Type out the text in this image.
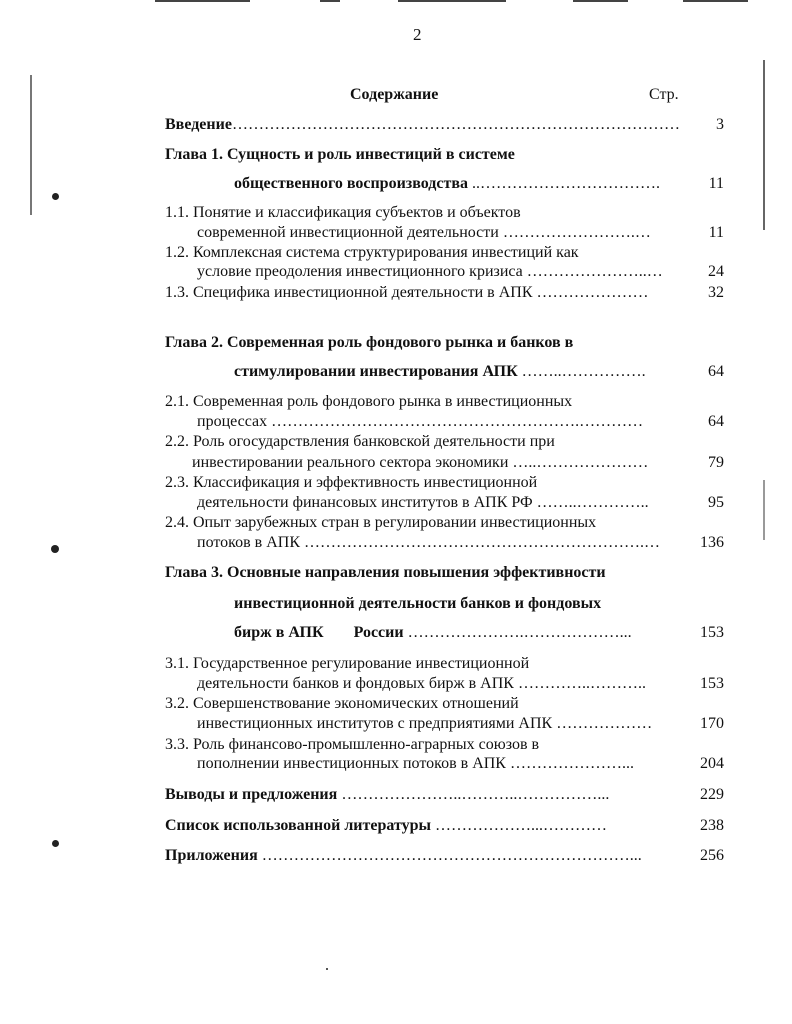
2
Содержание	Стр.
Введение………………………………………………………………………… 3
Глава 1. Сущность и роль инвестиций в системе
общественного воспроизводства ..…………………………….	11
1.1. Понятие и классификация субъектов и объектов
современной инвестиционной деятельности …………………….…	11
1.2. Комплексная система структурирования инвестиций как
условие преодоления инвестиционного кризиса …………………..…	24
1.3. Специфика инвестиционной деятельности в АПК …………………	32
Глава 2. Современная роль фондового рынка и банков в
стимулировании инвестирования АПК ……..…………….	64
2.1. Современная роль фондового рынка в инвестиционных
процессах ………………………………………………….…………	64
2.2. Роль огосударствления банковской деятельности при
инвестировании реального сектора экономики …..…………………	79
2.3. Классификация и эффективность инвестиционной
деятельности финансовых институтов в АПК РФ ……..…………..	95
2.4. Опыт зарубежных стран в регулировании инвестиционных
потоков в АПК ……………………………………………………….…	136
Глава 3. Основные направления повышения эффективности
инвестиционной деятельности банков и фондовых
бирж в АПК России ………………….………………...	153
3.1. Государственное регулирование инвестиционной
деятельности банков и фондовых бирж в АПК …………..………..	153
3.2. Совершенствование экономических отношений
инвестиционных институтов с предприятиями АПК ………………	170
3.3. Роль финансово-промышленно-аграрных союзов в
пополнении инвестиционных потоков в АПК …………………...	204
Выводы и предложения …………………..………..……………...	229
Список использованной литературы ………………...…………	238
Приложения ……………………………………………………………...	256
